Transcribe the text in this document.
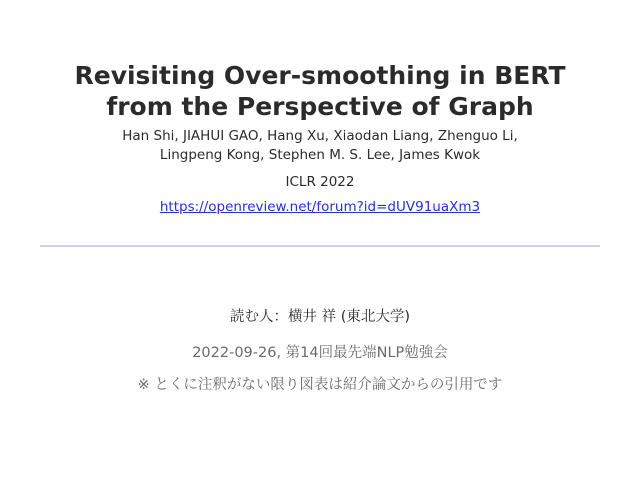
Revisiting Over-smoothing in BERT
from the Perspective of Graph
Han Shi, JIAHUI GAO, Hang Xu, Xiaodan Liang, Zhenguo Li,
Lingpeng Kong, Stephen M. S. Lee, James Kwok
ICLR 2022
https://openreview.net/forum?id=dUV91uaXm3
読む人：横井 祥 (東北大学)
2022-09-26, 第14回最先端NLP勉強会
※ とくに注釈がない限り図表は紹介論文からの引用です
